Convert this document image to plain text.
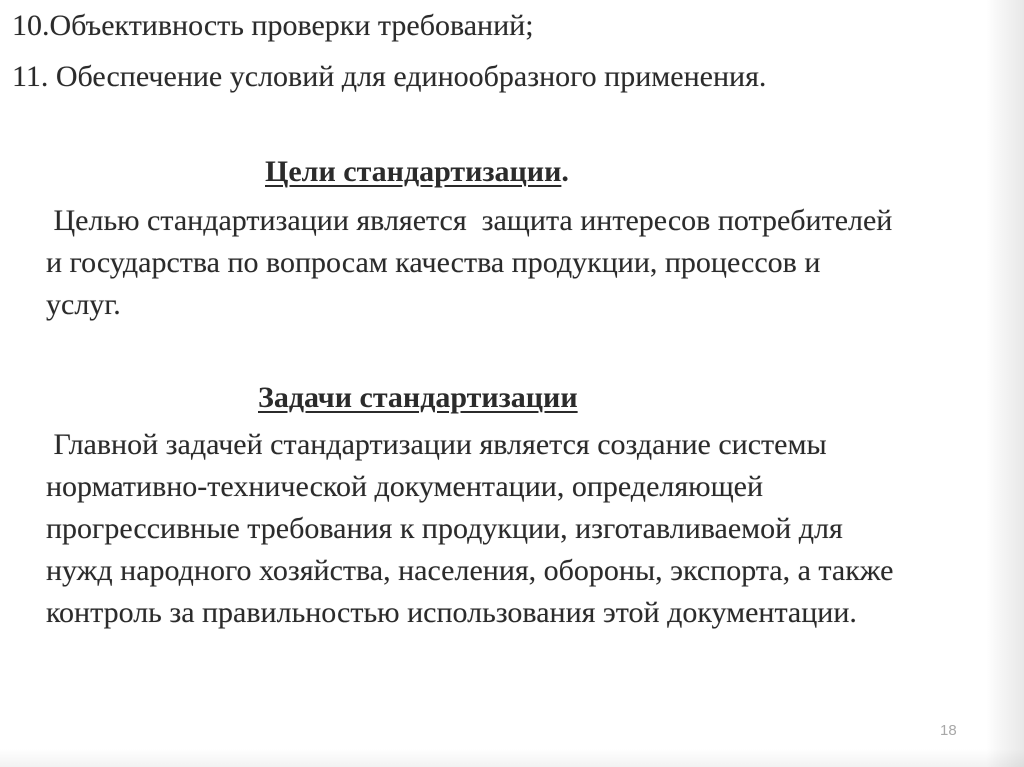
10.Объективность проверки требований;
11. Обеспечение условий для единообразного применения.
Цели стандартизации.
Целью стандартизации является  защита интересов потребителей
и государства по вопросам качества продукции, процессов и
услуг.
Задачи стандартизации
Главной задачей стандартизации является создание системы
нормативно-технической документации, определяющей
прогрессивные требования к продукции, изготавливаемой для
нужд народного хозяйства, населения, обороны, экспорта, а также
контроль за правильностью использования этой документации.
18
